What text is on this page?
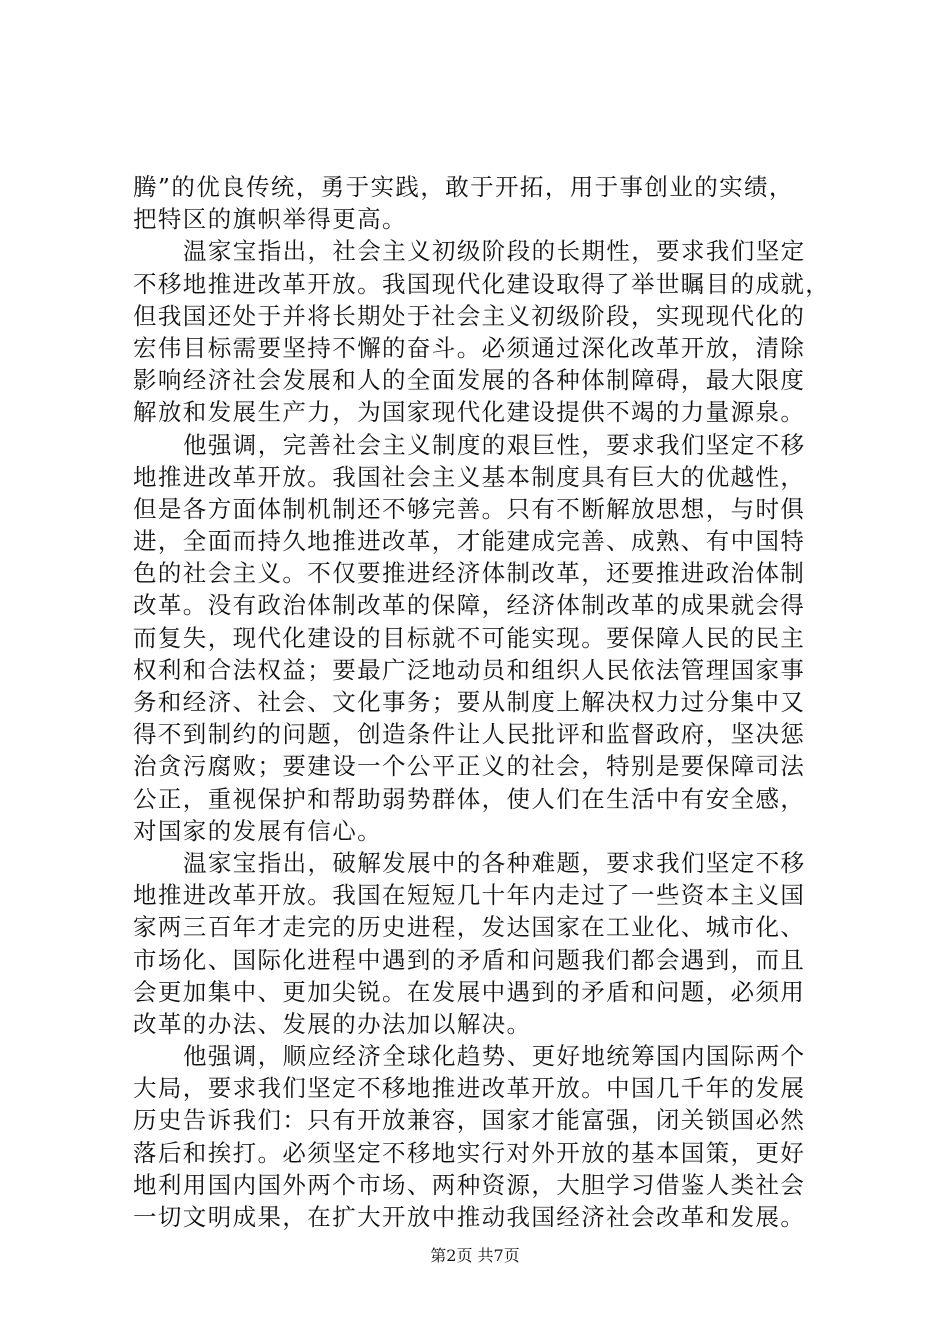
腾”的优良传统，勇于实践，敢于开拓，用于事创业的实绩，
把特区的旗帜举得更高。
温家宝指出，社会主义初级阶段的长期性，要求我们坚定
不移地推进改革开放。我国现代化建设取得了举世瞩目的成就，
但我国还处于并将长期处于社会主义初级阶段，实现现代化的
宏伟目标需要坚持不懈的奋斗。必须通过深化改革开放，清除
影响经济社会发展和人的全面发展的各种体制障碍，最大限度
解放和发展生产力，为国家现代化建设提供不竭的力量源泉。
他强调，完善社会主义制度的艰巨性，要求我们坚定不移
地推进改革开放。我国社会主义基本制度具有巨大的优越性，
但是各方面体制机制还不够完善。只有不断解放思想，与时俱
进，全面而持久地推进改革，才能建成完善、成熟、有中国特
色的社会主义。不仅要推进经济体制改革，还要推进政治体制
改革。没有政治体制改革的保障，经济体制改革的成果就会得
而复失，现代化建设的目标就不可能实现。要保障人民的民主
权利和合法权益；要最广泛地动员和组织人民依法管理国家事
务和经济、社会、文化事务；要从制度上解决权力过分集中又
得不到制约的问题，创造条件让人民批评和监督政府，坚决惩
治贪污腐败；要建设一个公平正义的社会，特别是要保障司法
公正，重视保护和帮助弱势群体，使人们在生活中有安全感，
对国家的发展有信心。
温家宝指出，破解发展中的各种难题，要求我们坚定不移
地推进改革开放。我国在短短几十年内走过了一些资本主义国
家两三百年才走完的历史进程，发达国家在工业化、城市化、
市场化、国际化进程中遇到的矛盾和问题我们都会遇到，而且
会更加集中、更加尖锐。在发展中遇到的矛盾和问题，必须用
改革的办法、发展的办法加以解决。
他强调，顺应经济全球化趋势、更好地统筹国内国际两个
大局，要求我们坚定不移地推进改革开放。中国几千年的发展
历史告诉我们：只有开放兼容，国家才能富强，闭关锁国必然
落后和挨打。必须坚定不移地实行对外开放的基本国策，更好
地利用国内国外两个市场、两种资源，大胆学习借鉴人类社会
一切文明成果，在扩大开放中推动我国经济社会改革和发展。
第2页 共7页
